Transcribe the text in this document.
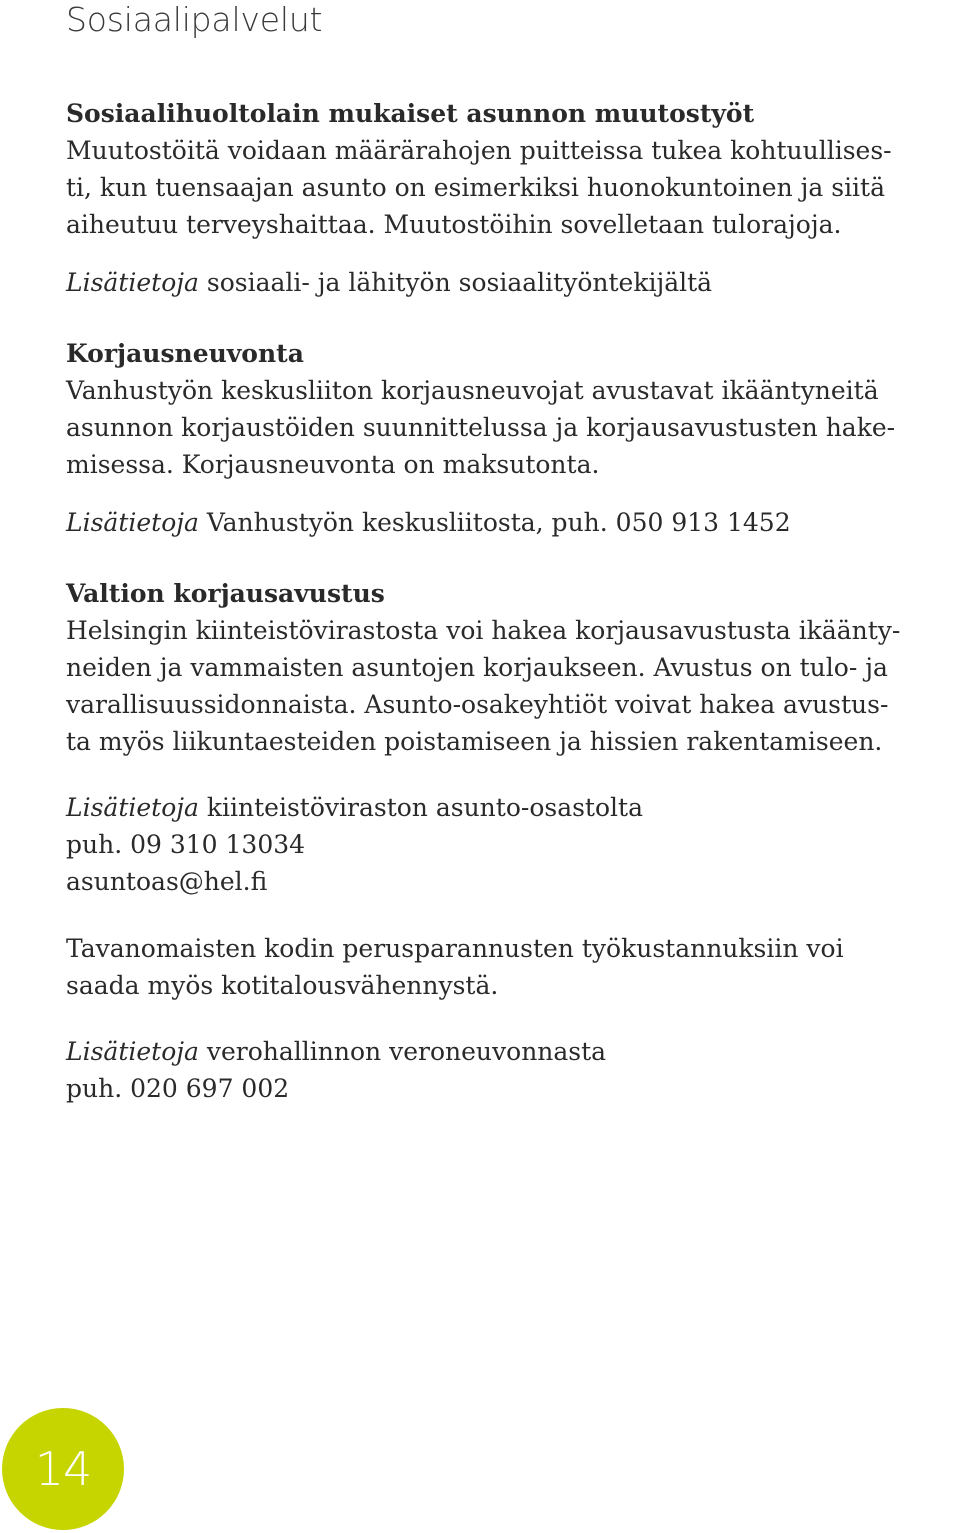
Sosiaalipalvelut

Sosiaalihuoltolain mukaiset asunnon muutostyöt

Muutostöitä voidaan määrärahojen puitteissa tukea kohtuullises-

ti, kun tuensaajan asunto on esimerkiksi huonokuntoinen ja siitä

aiheutuu terveyshaittaa. Muutostöihin sovelletaan tulorajoja.

Lisätietoja sosiaali- ja lähityön sosiaalityöntekijältä

Korjausneuvonta

Vanhustyön keskusliiton korjausneuvojat avustavat ikääntyneitä

asunnon korjaustöiden suunnittelussa ja korjausavustusten hake-

misessa. Korjausneuvonta on maksutonta.

Lisätietoja Vanhustyön keskusliitosta, puh. 050 913 1452

Valtion korjausavustus

Helsingin kiinteistövirastosta voi hakea korjausavustusta ikäänty-

neiden ja vammaisten asuntojen korjaukseen. Avustus on tulo- ja

varallisuussidonnaista. Asunto-osakeyhtiöt voivat hakea avustus-

ta myös liikuntaesteiden poistamiseen ja hissien rakentamiseen.

Lisätietoja kiinteistöviraston asunto-osastolta

puh. 09 310 13034

asuntoas@hel.fi

Tavanomaisten kodin perusparannusten työkustannuksiin voi

saada myös kotitalousvähennystä.

Lisätietoja verohallinnon veroneuvonnasta

puh. 020 697 002

14
